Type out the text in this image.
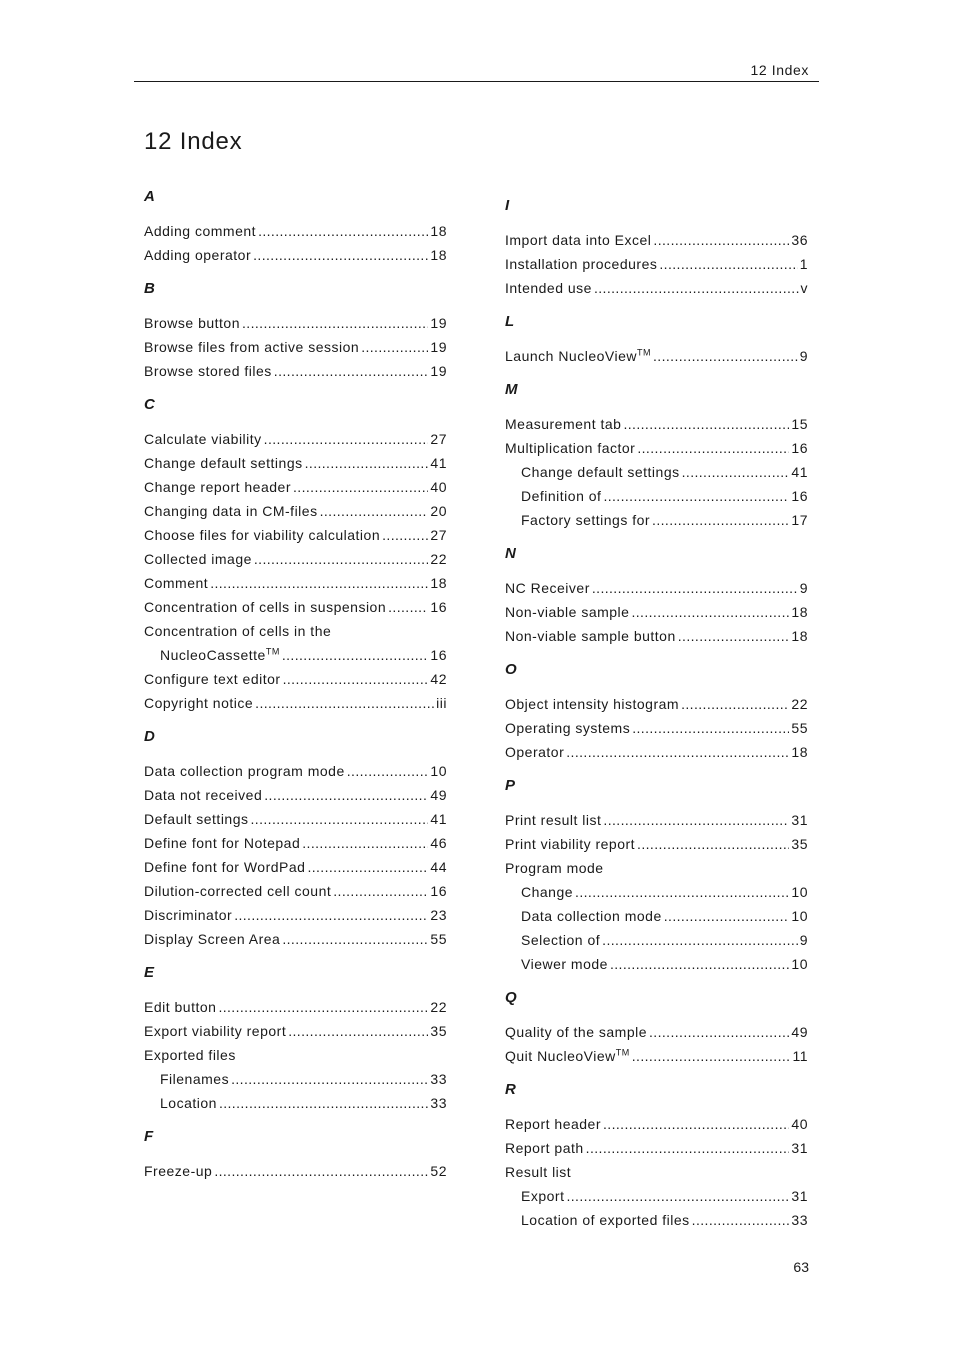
12 Index
12 Index
A
Adding comment .....	18
Adding operator .....	18
B
Browse button .....	19
Browse files from active session .....	19
Browse stored files .....	19
C
Calculate viability .....	27
Change default settings .....	41
Change report header .....	40
Changing data in CM-files .....	20
Choose files for viability calculation .....	27
Collected image .....	22
Comment .....	18
Concentration of cells in suspension .....	16
Concentration of cells in the
NucleoCassette™ .....	16
Configure text editor .....	42
Copyright notice .....	iii
D
Data collection program mode .....	10
Data not received .....	49
Default settings .....	41
Define font for Notepad .....	46
Define font for WordPad .....	44
Dilution-corrected cell count .....	16
Discriminator .....	23
Display Screen Area .....	55
E
Edit button .....	22
Export viability report .....	35
Exported files
Filenames .....	33
Location .....	33
F
Freeze-up .....	52
I
Import data into Excel .....	36
Installation procedures .....	1
Intended use .....	v
L
Launch NucleoView™ .....	9
M
Measurement tab .....	15
Multiplication factor .....	16
Change default settings .....	41
Definition of .....	16
Factory settings for .....	17
N
NC Receiver .....	9
Non-viable sample .....	18
Non-viable sample button .....	18
O
Object intensity histogram .....	22
Operating systems .....	55
Operator .....	18
P
Print result list .....	31
Print viability report .....	35
Program mode
Change .....	10
Data collection mode .....	10
Selection of .....	9
Viewer mode .....	10
Q
Quality of the sample .....	49
Quit NucleoView™ .....	11
R
Report header .....	40
Report path .....	31
Result list
Export .....	31
Location of exported files .....	33
63
